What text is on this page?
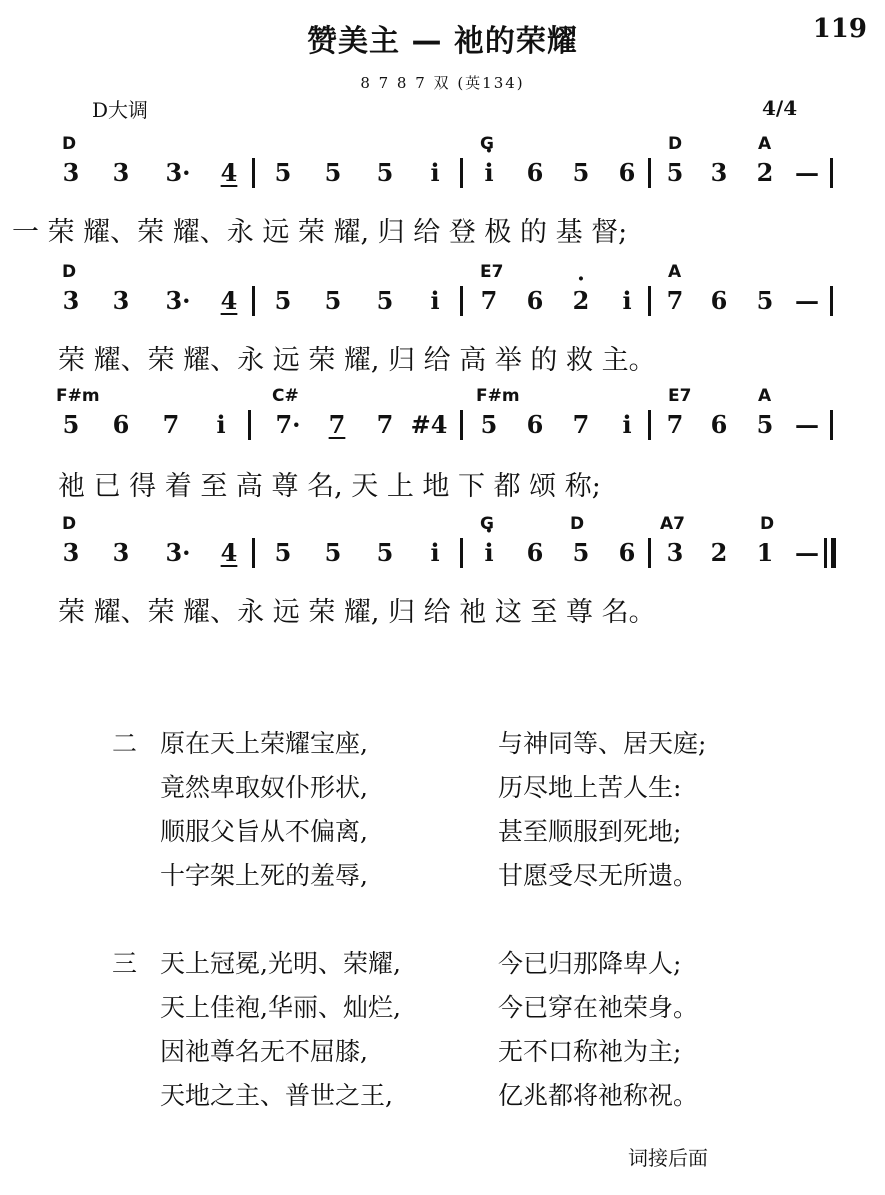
赞美主 — 祂的荣耀	119
8 7 8 7 双 (英134)
D大调	4/4
D	G	D	A
3 3	3·	4 5 5 5	i	· i	6 5 6 5 3 2 —
一 荣 耀、荣 耀、永 远 荣 耀, 归 给 登 极 的 基 督;
D	E7	A
3 3	3·	4 5 5 5	i	7 6 · 2	i	7 6 5 —
荣 耀、荣 耀、永 远 荣 耀, 归 给 高 举 的 救 主。
F#m	C#	F#m	E7	A
5 6 7	i	7·	7 7 #4 5 6 7	i	7 6 5 —
祂 已 得 着 至 高 尊 名, 天 上 地 下 都 颂 称;
D	G	D	A7	D
3 3	3·	4 5 5 5	i	· i	6 5 6 3 2 1 —
荣 耀、荣 耀、永 远 荣 耀, 归 给 祂 这 至 尊 名。
二 原在天上荣耀宝座,	与神同等、居天庭;
竟然卑取奴仆形状,	历尽地上苦人生:
顺服父旨从不偏离,	甚至顺服到死地;
十字架上死的羞辱,	甘愿受尽无所遗。
三 天上冠冕,光明、荣耀,	今已归那降卑人;
天上佳袍,华丽、灿烂,	今已穿在祂荣身。
因祂尊名无不屈膝,	无不口称祂为主;
天地之主、普世之王,	亿兆都将祂称祝。
词接后面
